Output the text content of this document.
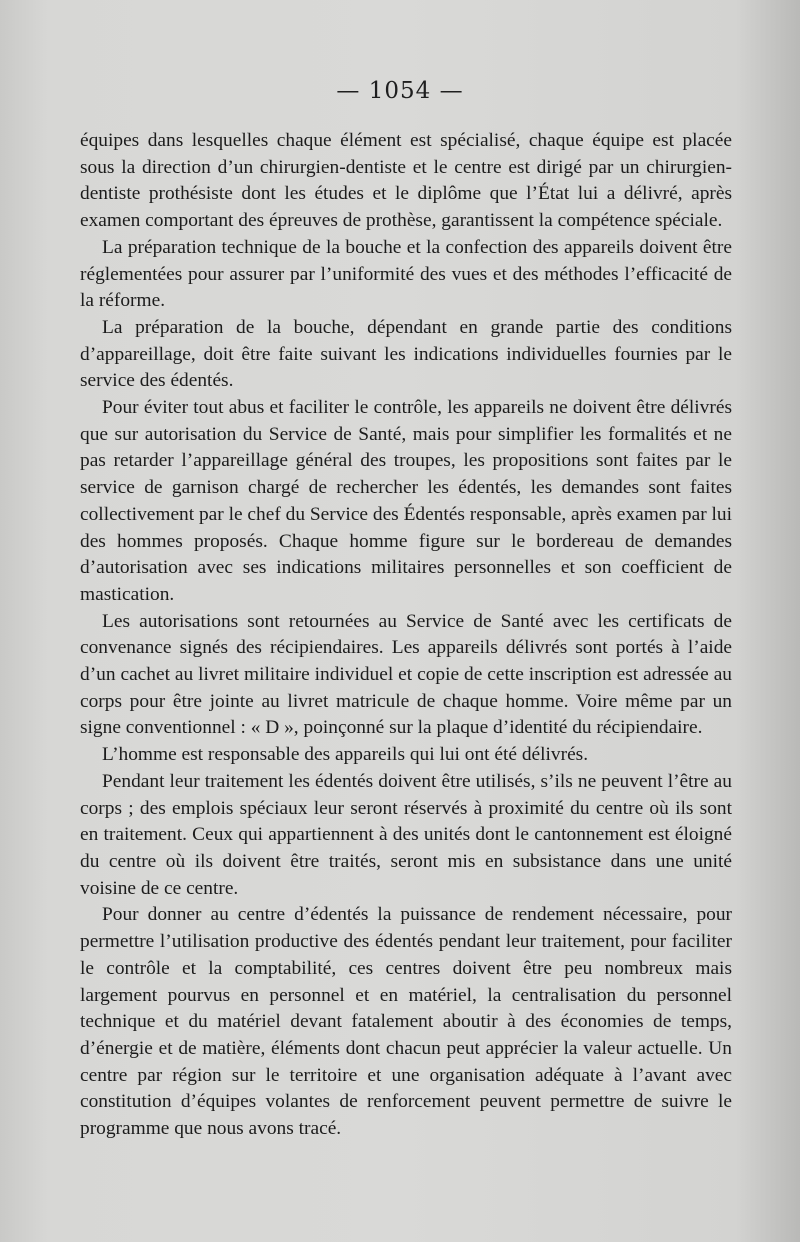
— 1054 —

équipes dans lesquelles chaque élément est spécialisé, chaque équipe est placée sous la direction d’un chirurgien-dentiste et le centre est dirigé par un chirurgien-dentiste prothésiste dont les études et le diplôme que l’État lui a délivré, après examen comportant des épreuves de prothèse, garantissent la compétence spéciale.

La préparation technique de la bouche et la confection des appareils doivent être réglementées pour assurer par l’uniformité des vues et des méthodes l’efficacité de la réforme.

La préparation de la bouche, dépendant en grande partie des conditions d’appareillage, doit être faite suivant les indications individuelles fournies par le service des édentés.

Pour éviter tout abus et faciliter le contrôle, les appareils ne doivent être délivrés que sur autorisation du Service de Santé, mais pour simplifier les formalités et ne pas retarder l’appareillage général des troupes, les propositions sont faites par le service de garnison chargé de rechercher les édentés, les demandes sont faites collectivement par le chef du Service des Édentés responsable, après examen par lui des hommes proposés. Chaque homme figure sur le bordereau de demandes d’autorisation avec ses indications militaires personnelles et son coefficient de mastication.

Les autorisations sont retournées au Service de Santé avec les certificats de convenance signés des récipiendaires. Les appareils délivrés sont portés à l’aide d’un cachet au livret militaire individuel et copie de cette inscription est adressée au corps pour être jointe au livret matricule de chaque homme. Voire même par un signe conventionnel : « D », poinçonné sur la plaque d’identité du récipiendaire.

L’homme est responsable des appareils qui lui ont été délivrés.

Pendant leur traitement les édentés doivent être utilisés, s’ils ne peuvent l’être au corps ; des emplois spéciaux leur seront réservés à proximité du centre où ils sont en traitement. Ceux qui appartiennent à des unités dont le cantonnement est éloigné du centre où ils doivent être traités, seront mis en subsistance dans une unité voisine de ce centre.

Pour donner au centre d’édentés la puissance de rendement nécessaire, pour permettre l’utilisation productive des édentés pendant leur traitement, pour faciliter le contrôle et la comptabilité, ces centres doivent être peu nombreux mais largement pourvus en personnel et en matériel, la centralisation du personnel technique et du matériel devant fatalement aboutir à des économies de temps, d’énergie et de matière, éléments dont chacun peut apprécier la valeur actuelle. Un centre par région sur le territoire et une organisation adéquate à l’avant avec constitution d’équipes volantes de renforcement peuvent permettre de suivre le programme que nous avons tracé.
